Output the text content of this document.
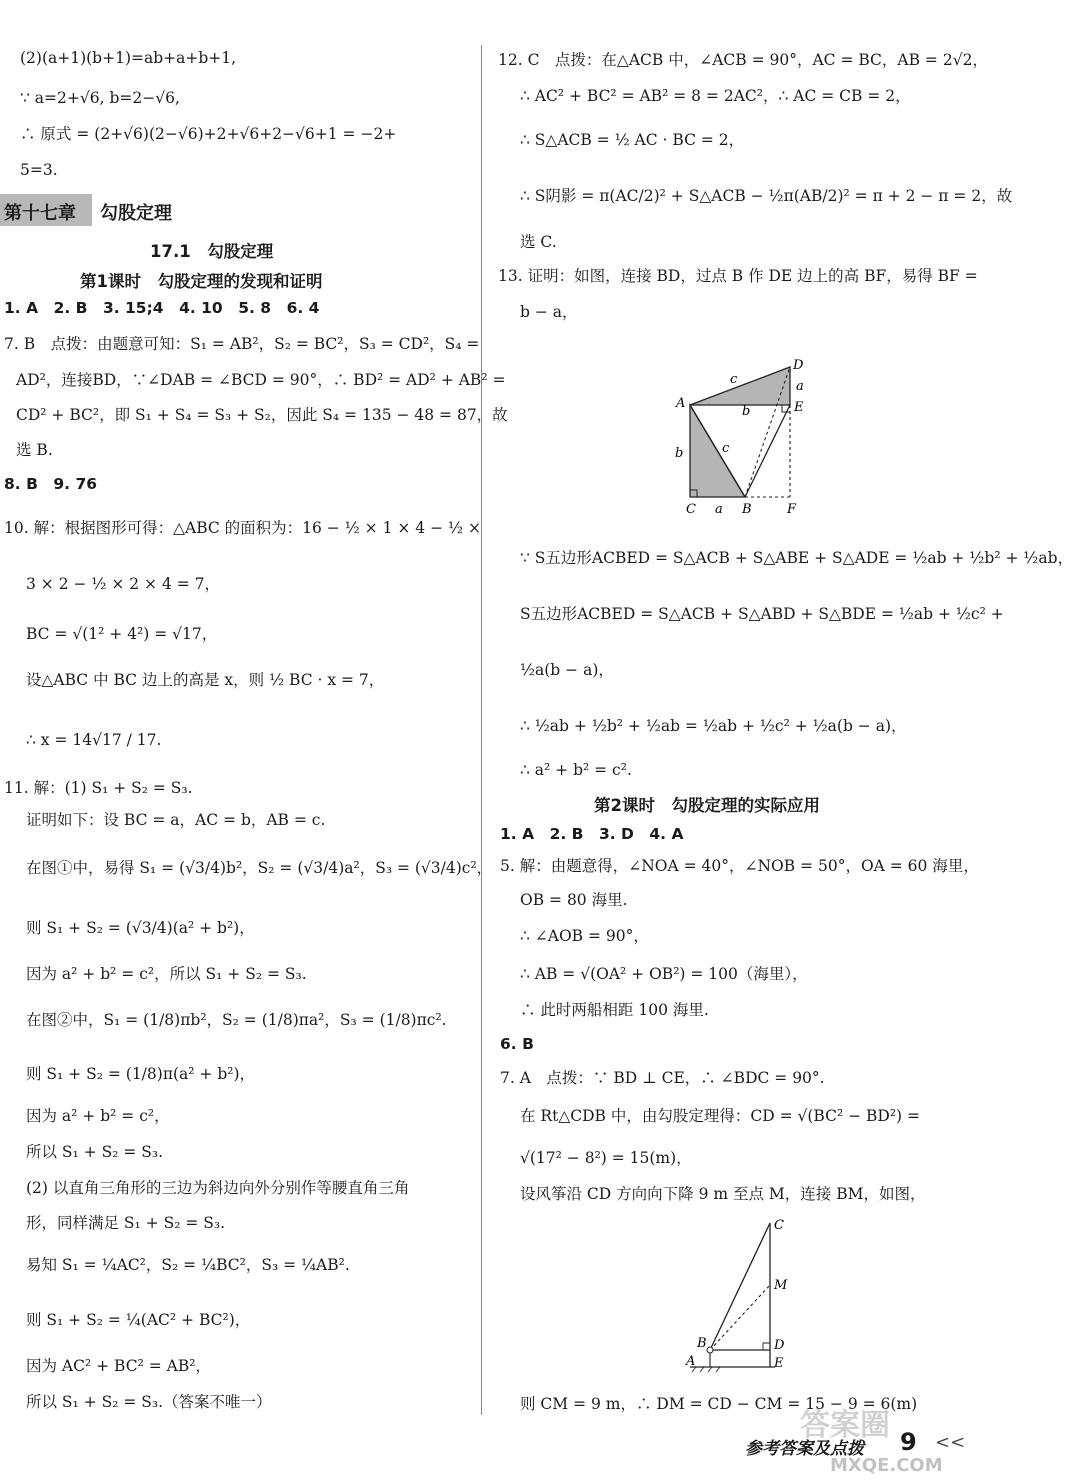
(2)(a+1)(b+1)=ab+a+b+1,
∵ a=2+√6, b=2−√6,
∴ 原式 = (2+√6)(2−√6)+2+√6+2−√6+1 = −2+
5=3.
第十七章 勾股定理
17.1　勾股定理
第1课时　勾股定理的发现和证明
1. A　2. B　3. 15;4　4. 10　5. 8　6. 4
7. B　点拨：由题意可知：S₁ = AB²，S₂ = BC²，S₃ = CD²，S₄ =
AD²，连接BD，∵∠DAB = ∠BCD = 90°，∴ BD² = AD² + AB² =
CD² + BC²，即 S₁ + S₄ = S₃ + S₂，因此 S₄ = 135 − 48 = 87，故
选 B.
8. B　9. 76
10. 解：根据图形可得：△ABC 的面积为：16 − ½ × 1 × 4 − ½ ×
3 × 2 − ½ × 2 × 4 = 7，
BC = √(1² + 4²) = √17，
设△ABC 中 BC 边上的高是 x，则 ½ BC · x = 7，
∴ x = 14√17 / 17.
11. 解：(1) S₁ + S₂ = S₃.
证明如下：设 BC = a，AC = b，AB = c.
在图①中，易得 S₁ = (√3/4)b²，S₂ = (√3/4)a²，S₃ = (√3/4)c²，
则 S₁ + S₂ = (√3/4)(a² + b²)，
因为 a² + b² = c²，所以 S₁ + S₂ = S₃.
在图②中，S₁ = (1/8)πb²，S₂ = (1/8)πa²，S₃ = (1/8)πc².
则 S₁ + S₂ = (1/8)π(a² + b²)，
因为 a² + b² = c²，
所以 S₁ + S₂ = S₃.
(2) 以直角三角形的三边为斜边向外分别作等腰直角三角
形，同样满足 S₁ + S₂ = S₃.
易知 S₁ = ¼AC²，S₂ = ¼BC²，S₃ = ¼AB².
则 S₁ + S₂ = ¼(AC² + BC²)，
因为 AC² + BC² = AB²，
所以 S₁ + S₂ = S₃.（答案不唯一）
12. C　点拨：在△ACB 中，∠ACB = 90°，AC = BC，AB = 2√2，
∴ AC² + BC² = AB² = 8 = 2AC²，∴ AC = CB = 2，
∴ S△ACB = ½ AC · BC = 2，
∴ S阴影 = π(AC/2)² + S△ACB − ½π(AB/2)² = π + 2 − π = 2，故
选 C.
13. 证明：如图，连接 BD，过点 B 作 DE 边上的高 BF，易得 BF =
b − a，
D
a
c
A
b	E
c
b
C a B	F
∵ S五边形ACBED = S△ACB + S△ABE + S△ADE = ½ab + ½b² + ½ab，
S五边形ACBED = S△ACB + S△ABD + S△BDE = ½ab + ½c² +
½a(b − a)，
∴ ½ab + ½b² + ½ab = ½ab + ½c² + ½a(b − a)，
∴ a² + b² = c².
第2课时　勾股定理的实际应用
1. A　2. B　3. D　4. A
5. 解：由题意得，∠NOA = 40°，∠NOB = 50°，OA = 60 海里，
OB = 80 海里.
∴ ∠AOB = 90°，
∴ AB = √(OA² + OB²) = 100（海里），
∴ 此时两船相距 100 海里.
6. B
7. A　点拨：∵ BD ⊥ CE，∴ ∠BDC = 90°.
在 Rt△CDB 中，由勾股定理得：CD = √(BC² − BD²) =
√(17² − 8²) = 15(m)，
设风筝沿 CD 方向向下降 9 m 至点 M，连接 BM，如图，
C
M
B	D
A	E
则 CM = 9 m，∴ DM = CD − CM = 15 − 9 = 6(m)
答案圈
MXQE.COM
参考答案及点拨 9 <<
